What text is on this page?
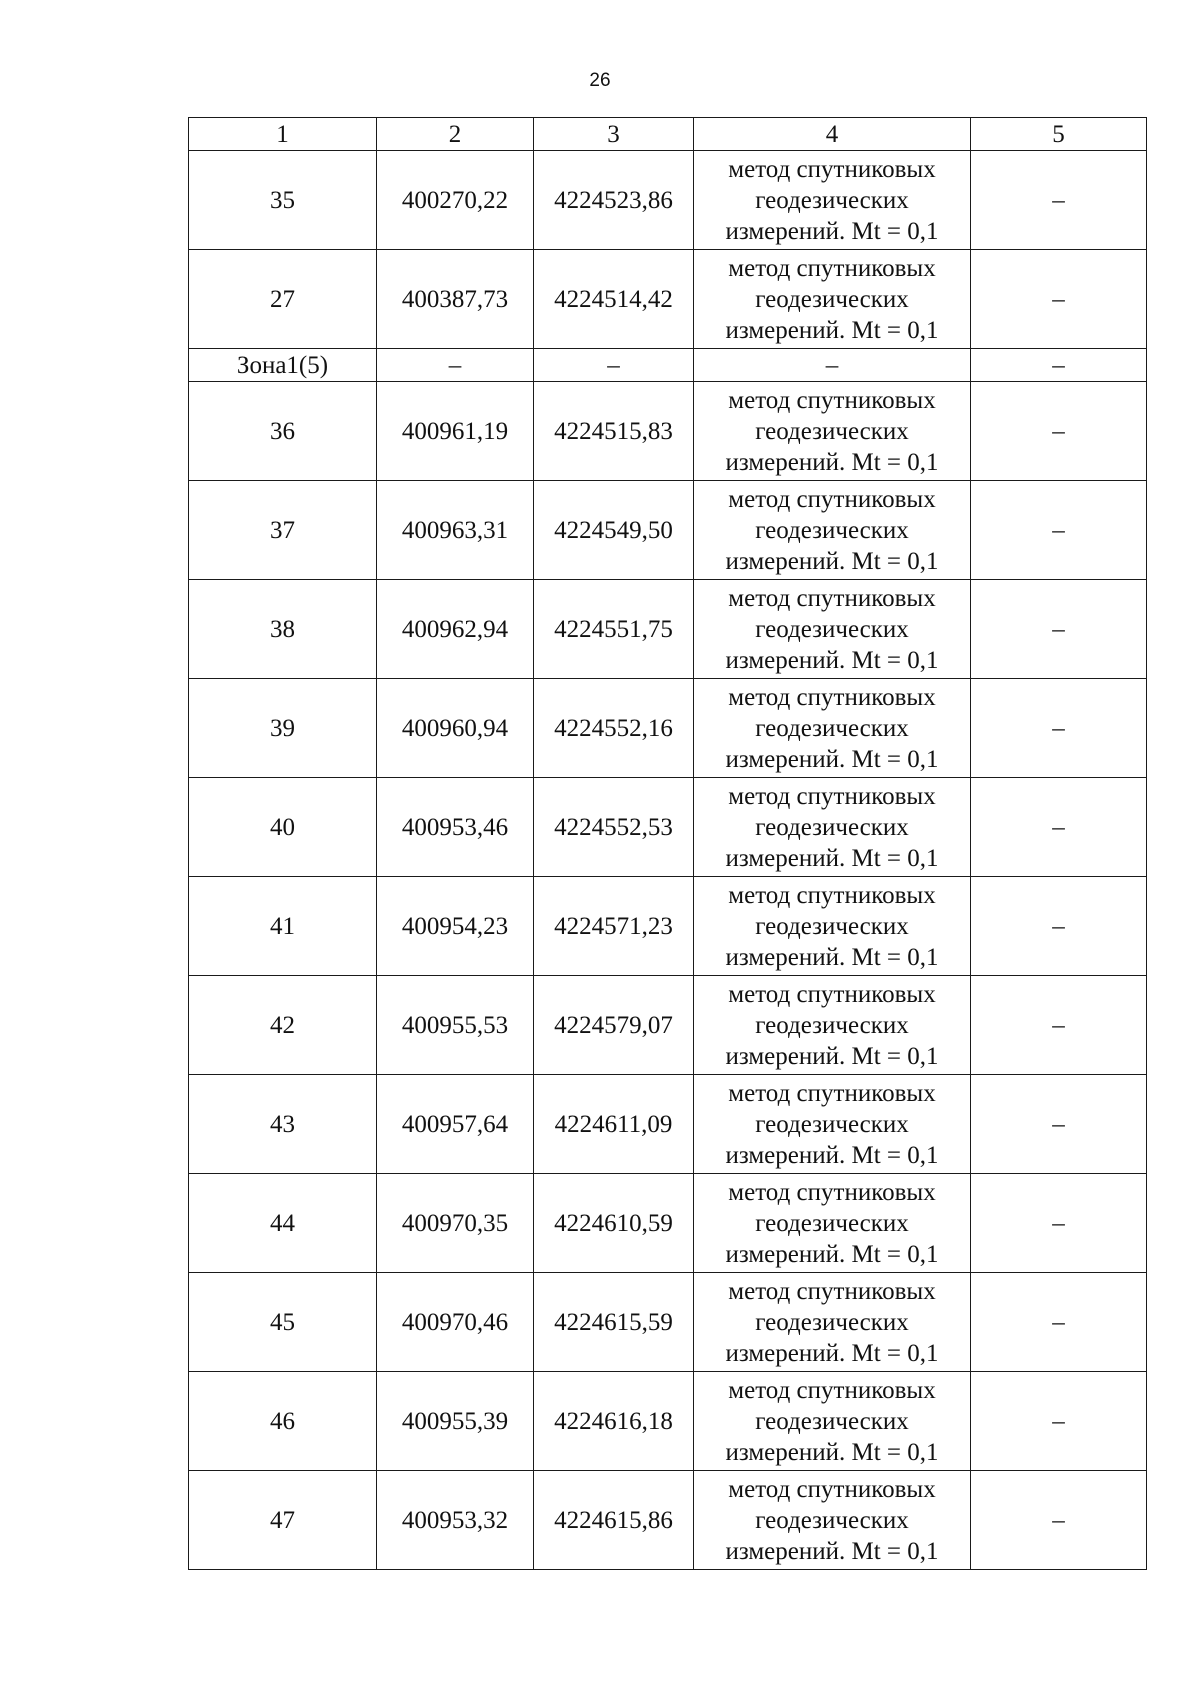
26
1	2	3	4	5
35	400270,22	4224523,86	метод спутниковых
геодезических
измерений. Mt = 0,1	–
27	400387,73	4224514,42	метод спутниковых
геодезических
измерений. Mt = 0,1	–
Зона1(5)	–	–	–	–
36	400961,19	4224515,83	метод спутниковых
геодезических
измерений. Mt = 0,1	–
37	400963,31	4224549,50	метод спутниковых
геодезических
измерений. Mt = 0,1	–
38	400962,94	4224551,75	метод спутниковых
геодезических
измерений. Mt = 0,1	–
39	400960,94	4224552,16	метод спутниковых
геодезических
измерений. Mt = 0,1	–
40	400953,46	4224552,53	метод спутниковых
геодезических
измерений. Mt = 0,1	–
41	400954,23	4224571,23	метод спутниковых
геодезических
измерений. Mt = 0,1	–
42	400955,53	4224579,07	метод спутниковых
геодезических
измерений. Mt = 0,1	–
43	400957,64	4224611,09	метод спутниковых
геодезических
измерений. Mt = 0,1	–
44	400970,35	4224610,59	метод спутниковых
геодезических
измерений. Mt = 0,1	–
45	400970,46	4224615,59	метод спутниковых
геодезических
измерений. Mt = 0,1	–
46	400955,39	4224616,18	метод спутниковых
геодезических
измерений. Mt = 0,1	–
47	400953,32	4224615,86	метод спутниковых
геодезических
измерений. Mt = 0,1	–
